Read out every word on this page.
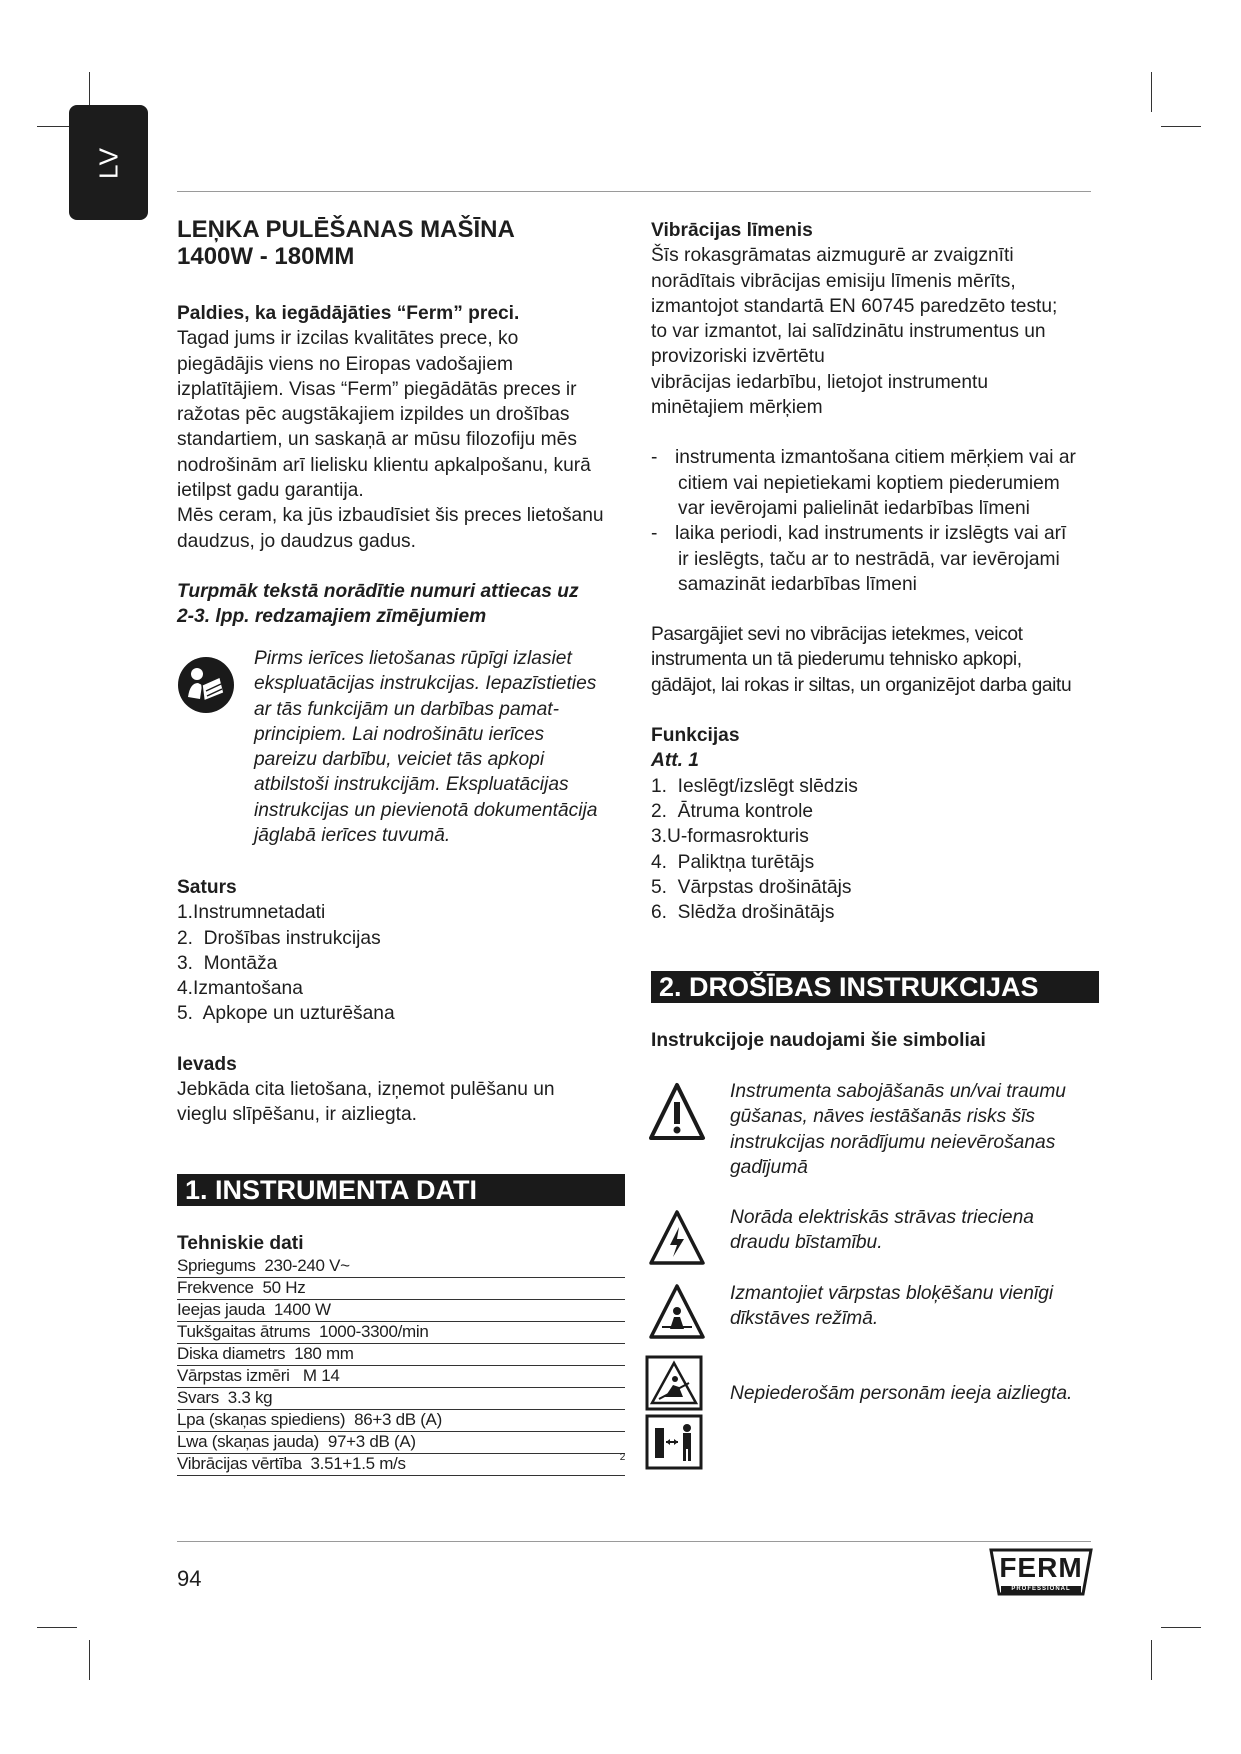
LV

LEŅKA PULĒŠANAS MAŠĪNA

1400W - 180MM

Paldies, ka iegādājāties “Ferm” preci.

Tagad jums ir izcilas kvalitātes prece, ko

piegādājis viens no Eiropas vadošajiem

izplatītājiem. Visas “Ferm” piegādātās preces ir

ražotas pēc augstākajiem izpildes un drošības

standartiem, un saskaņā ar mūsu filozofiju mēs

nodrošinām arī lielisku klientu apkalpošanu, kurā

ietilpst gadu garantija.

Mēs ceram, ka jūs izbaudīsiet šis preces lietošanu

daudzus, jo daudzus gadus.

Turpmāk tekstā norādītie numuri attiecas uz

2-3. lpp. redzamajiem zīmējumiem

Pirms ierīces lietošanas rūpīgi izlasiet

ekspluatācijas instrukcijas. Iepazīstieties

ar tās funkcijām un darbības pamat-

principiem. Lai nodrošinātu ierīces

pareizu darbību, veiciet tās apkopi

atbilstoši instrukcijām. Ekspluatācijas

instrukcijas un pievienotā dokumentācija

jāglabā ierīces tuvumā.

Saturs

1.Instrumnetadati

2.  Drošības instrukcijas

3.  Montāža

4.Izmantošana

5.  Apkope un uzturēšana

Ievads

Jebkāda cita lietošana, izņemot pulēšanu un

vieglu slīpēšanu, ir aizliegta.

1. INSTRUMENTA DATI

Tehniskie dati

Spriegums  230-240 V~
Frekvence  50 Hz
Ieejas jauda  1400 W
Tukšgaitas ātrums  1000-3300/min
Diska diametrs  180 mm
Vārpstas izmēri   M 14
Svars  3.3 kg
Lpa (skaņas spiediens)  86+3 dB (A)
Lwa (skaņas jauda)  97+3 dB (A)
Vibrācijas vērtība  3.51+1.5 m/s	2

Vibrācijas līmenis

Šīs rokasgrāmatas aizmugurē ar zvaigznīti

norādītais vibrācijas emisiju līmenis mērīts,

izmantojot standartā EN 60745 paredzēto testu;

to var izmantot, lai salīdzinātu instrumentus un

provizoriski izvērtētu

vibrācijas iedarbību, lietojot instrumentu

minētajiem mērķiem

- instrumenta izmantošana citiem mērķiem vai ar

citiem vai nepietiekami koptiem piederumiem

var ievērojami palielināt iedarbības līmeni

- laika periodi, kad instruments ir izslēgts vai arī

ir ieslēgts, taču ar to nestrādā, var ievērojami

samazināt iedarbības līmeni

Pasargājiet sevi no vibrācijas ietekmes, veicot

instrumenta un tā piederumu tehnisko apkopi,

gādājot, lai rokas ir siltas, un organizējot darba gaitu

Funkcijas

Att. 1

1.  Ieslēgt/izslēgt slēdzis

2.  Ātruma kontrole

3.U-formasrokturis

4.  Paliktņa turētājs

5.  Vārpstas drošinātājs

6.  Slēdža drošinātājs

2. DROŠĪBAS INSTRUKCIJAS

Instrukcijoje naudojami šie simboliai

Instrumenta sabojāšanās un/vai traumu

gūšanas, nāves iestāšanās risks šīs

instrukcijas norādījumu neievērošanas

gadījumā

Norāda elektriskās strāvas trieciena

draudu bīstamību.

Izmantojiet vārpstas bloķēšanu vienīgi

dīkstāves režīmā.

Nepiederošām personām ieeja aizliegta.

94	FERM
PROFESSIONAL
